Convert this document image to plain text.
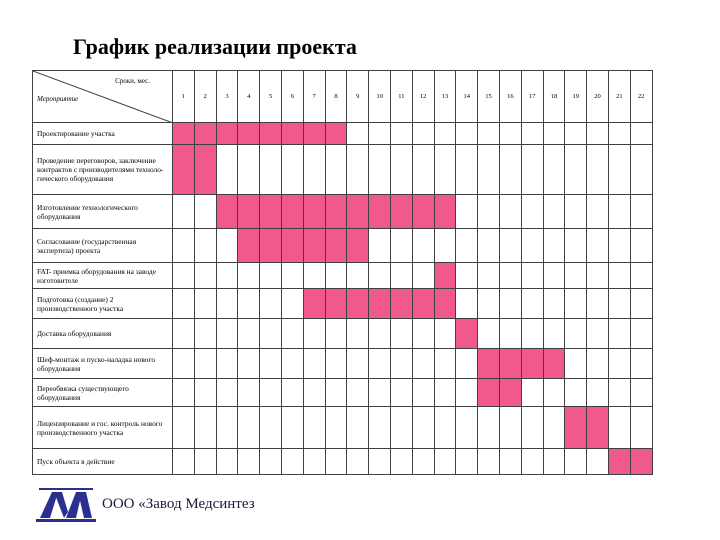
График реализации проекта
Сроки, мес.
Мероприятие	1	2	3	4	5	6	7	8	9	10	11	12	13	14	15	16	17	18	19	20	21	22
Проектирование участка																						
Проведение переговоров, заключение контрактов с производителями техноло-гического оборудования																						
Изготовление технологического оборудования																						
Согласование (государственная экспертиза) проекта																						
FAT- приемка оборудования на заводе изготовителе																						
Подготовка (создание) 2 производственного участка																						
Доставка оборудования																						
Шеф-монтаж и пуско-наладка нового оборудования																						
Переобвязка существующего оборудования																						
Лицензирование и гос. контроль нового производственного участка																						
Пуск объекта в действие																						
ООО «Завод Медсинтез
